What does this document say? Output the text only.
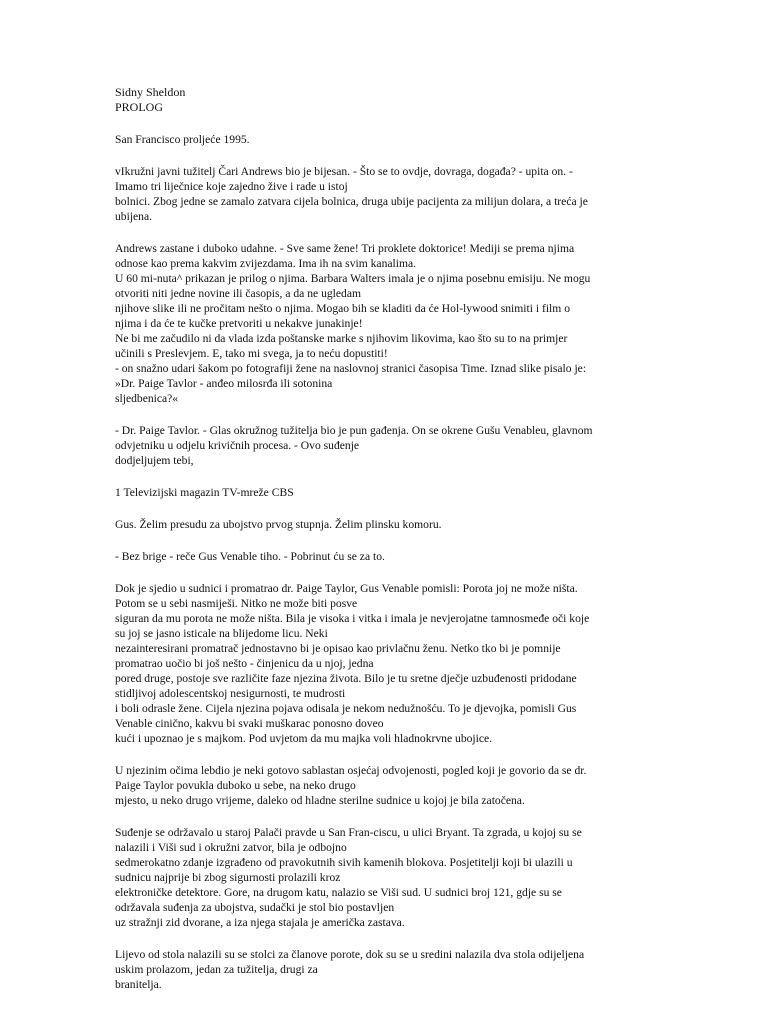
Sidny Sheldon
PROLOG

San Francisco proljeće 1995.

vIkružni javni tužitelj Čari Andrews bio je bijesan. - Što se to ovdje, dovraga, događa? - upita on. -
Imamo tri liječnice koje zajedno žive i rade u istoj
bolnici. Zbog jedne se zamalo zatvara cijela bolnica, druga ubije pacijenta za milijun dolara, a treća je
ubijena.

Andrews zastane i duboko udahne. - Sve same žene! Tri proklete doktorice! Mediji se prema njima
odnose kao prema kakvim zvijezdama. Ima ih na svim kanalima.
U 60 mi-nuta^ prikazan je prilog o njima. Barbara Walters imala je o njima posebnu emisiju. Ne mogu
otvoriti niti jedne novine ili časopis, a da ne ugledam
njihove slike ili ne pročitam nešto o njima. Mogao bih se kladiti da će Hol-lywood snimiti i film o
njima i da će te kučke pretvoriti u nekakve junakinje!
Ne bi me začudilo ni da vlada izda poštanske marke s njihovim likovima, kao što su to na primjer
učinili s Preslevjem. E, tako mi svega, ja to neću dopustiti!
- on snažno udari šakom po fotografiji žene na naslovnoj stranici časopisa Time. Iznad slike pisalo je:
»Dr. Paige Tavlor - anđeo milosrđa ili sotonina
sljedbenica?«

- Dr. Paige Tavlor. - Glas okružnog tužitelja bio je pun gađenja. On se okrene Gušu Venableu, glavnom
odvjetniku u odjelu krivičnih procesa. - Ovo suđenje
dodjeljujem tebi,

1 Televizijski magazin TV-mreže CBS

Gus. Želim presudu za ubojstvo prvog stupnja. Želim plinsku komoru.

- Bez brige - reče Gus Venable tiho. - Pobrinut ću se za to.

Dok je sjedio u sudnici i promatrao dr. Paige Taylor, Gus Venable pomisli: Porota joj ne može ništa.
Potom se u sebi nasmiješi. Nitko ne može biti posve
siguran da mu porota ne može ništa. Bila je visoka i vitka i imala je nevjerojatne tamnosmeđe oči koje
su joj se jasno isticale na blijedome licu. Neki
nezainteresirani promatrač jednostavno bi je opisao kao privlačnu ženu. Netko tko bi je pomnije
promatrao uočio bi još nešto - činjenicu da u njoj, jedna
pored druge, postoje sve različite faze njezina života. Bilo je tu sretne dječje uzbuđenosti pridodane
stidljivoj adolescentskoj nesigurnosti, te mudrosti
i boli odrasle žene. Cijela njezina pojava odisala je nekom nedužnošću. To je djevojka, pomisli Gus
Venable cinično, kakvu bi svaki muškarac ponosno doveo
kući i upoznao je s majkom. Pod uvjetom da mu majka voli hladnokrvne ubojice.

U njezinim očima lebdio je neki gotovo sablastan osjećaj odvojenosti, pogled koji je govorio da se dr.
Paige Taylor povukla duboko u sebe, na neko drugo
mjesto, u neko drugo vrijeme, daleko od hladne sterilne sudnice u kojoj je bila zatočena.

Suđenje se održavalo u staroj Palači pravde u San Fran-ciscu, u ulici Bryant. Ta zgrada, u kojoj su se
nalazili i Viši sud i okružni zatvor, bila je odbojno
sedmerokatno zdanje izgrađeno od pravokutnih sivih kamenih blokova. Posjetitelji koji bi ulazili u
sudnicu najprije bi zbog sigurnosti prolazili kroz
elektroničke detektore. Gore, na drugom katu, nalazio se Viši sud. U sudnici broj 121, gdje su se
održavala suđenja za ubojstva, sudački je stol bio postavljen
uz stražnji zid dvorane, a iza njega stajala je američka zastava.

Lijevo od stola nalazili su se stolci za članove porote, dok su se u sredini nalazila dva stola odijeljena
uskim prolazom, jedan za tužitelja, drugi za
branitelja.
